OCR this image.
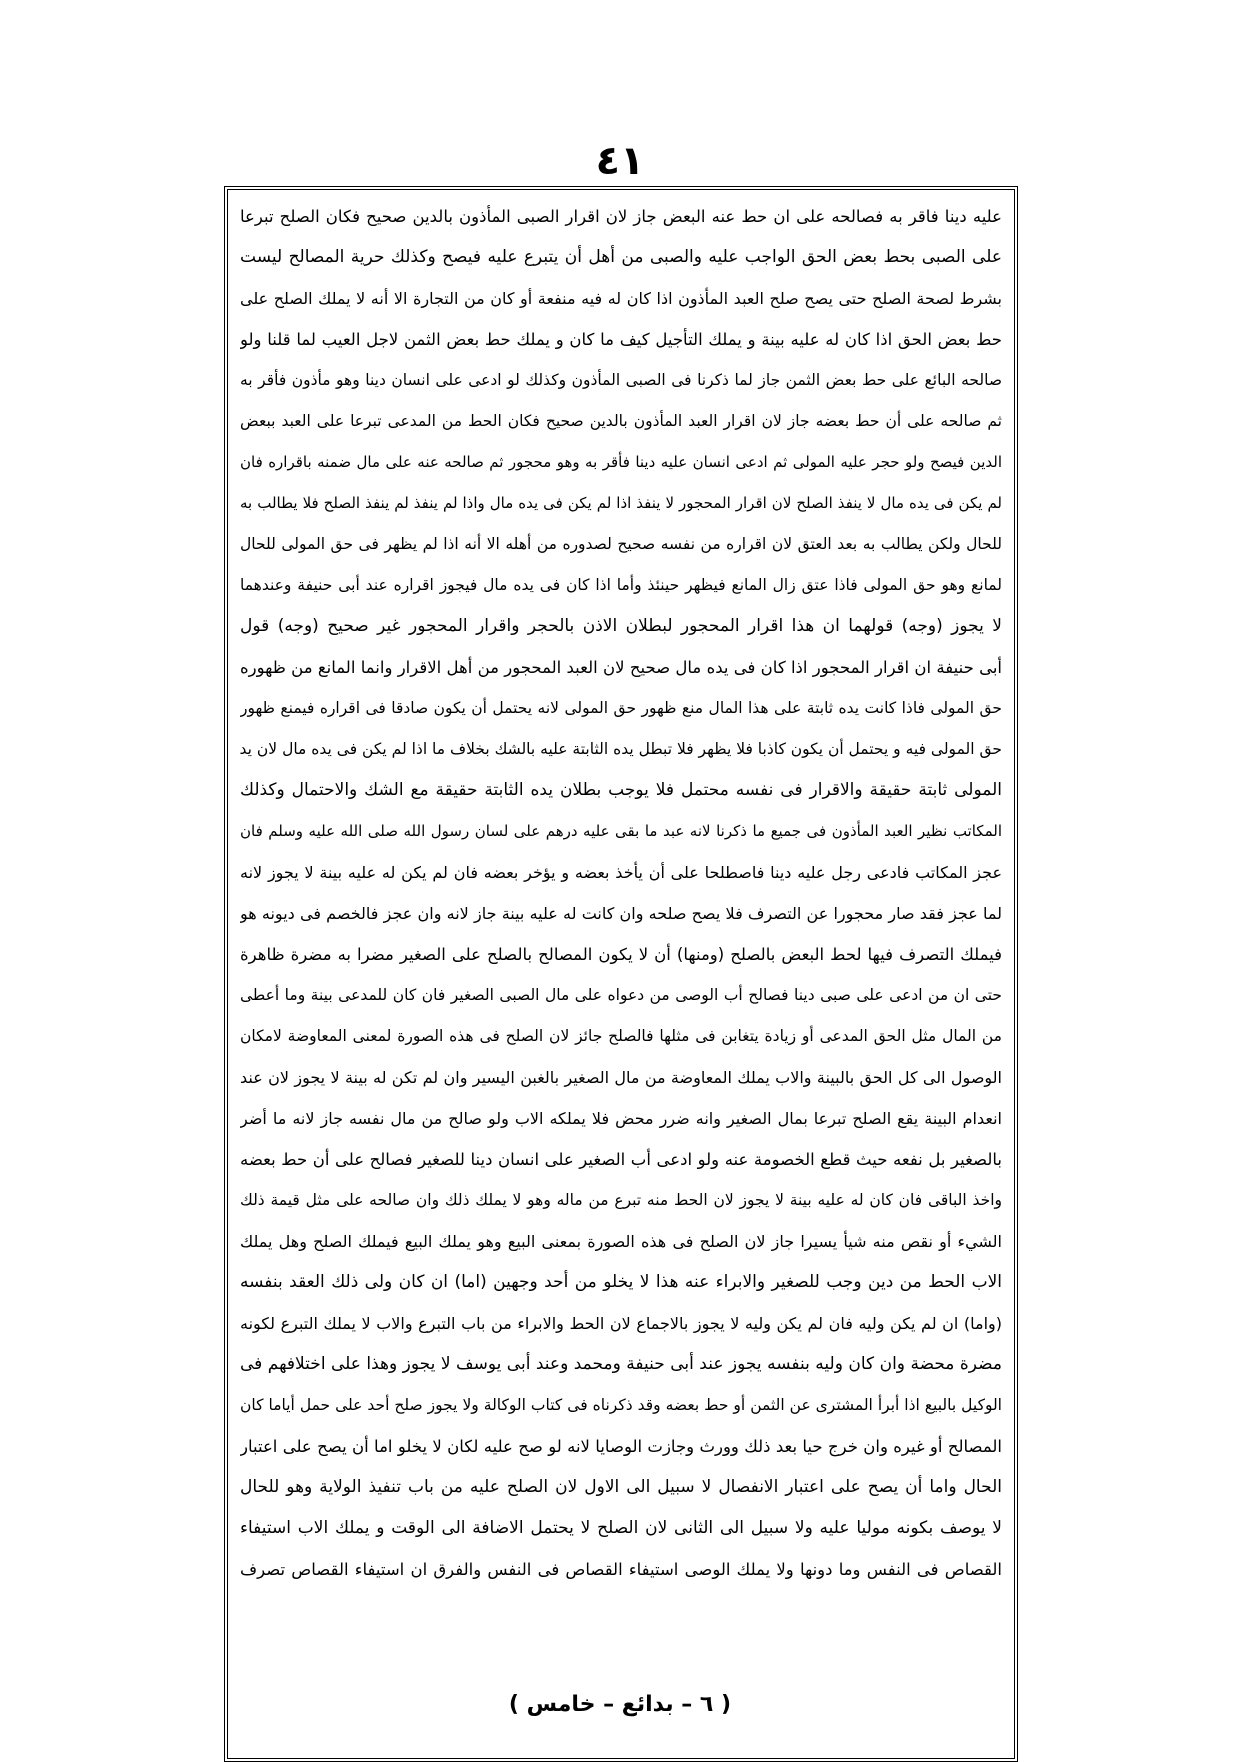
٤١
عليه دينا فاقر به فصالحه على ان حط عنه البعض جاز لان اقرار الصبى المأذون بالدين صحيح فكان الصلح تبرعا
على الصبى بحط بعض الحق الواجب عليه والصبى من أهل أن يتبرع عليه فيصح وكذلك حرية المصالح ليست
بشرط لصحة الصلح حتى يصح صلح العبد المأذون اذا كان له فيه منفعة أو كان من التجارة الا أنه لا يملك الصلح على
حط بعض الحق اذا كان له عليه بينة و يملك التأجيل كيف ما كان و يملك حط بعض الثمن لاجل العيب لما قلنا ولو
صالحه البائع على حط بعض الثمن جاز لما ذكرنا فى الصبى المأذون وكذلك لو ادعى على انسان دينا وهو مأذون فأقر به
ثم صالحه على أن حط بعضه جاز لان اقرار العبد المأذون بالدين صحيح فكان الحط من المدعى تبرعا على العبد ببعض
الدين فيصح ولو حجر عليه المولى ثم ادعى انسان عليه دينا فأقر به وهو محجور ثم صالحه عنه على مال ضمنه باقراره فان
لم يكن فى يده مال لا ينفذ الصلح لان اقرار المحجور لا ينفذ اذا لم يكن فى يده مال واذا لم ينفذ لم ينفذ الصلح فلا يطالب به
للحال ولكن يطالب به بعد العتق لان اقراره من نفسه صحيح لصدوره من أهله الا أنه اذا لم يظهر فى حق المولى للحال
لمانع وهو حق المولى فاذا عتق زال المانع فيظهر حينئذ وأما اذا كان فى يده مال فيجوز اقراره عند أبى حنيفة وعندهما
لا يجوز (وجه) قولهما ان هذا اقرار المحجور لبطلان الاذن بالحجر واقرار المحجور غير صحيح (وجه) قول
أبى حنيفة ان اقرار المحجور اذا كان فى يده مال صحيح لان العبد المحجور من أهل الاقرار وانما المانع من ظهوره
حق المولى فاذا كانت يده ثابتة على هذا المال منع ظهور حق المولى لانه يحتمل أن يكون صادقا فى اقراره فيمنع ظهور
حق المولى فيه و يحتمل أن يكون كاذبا فلا يظهر فلا تبطل يده الثابتة عليه بالشك بخلاف ما اذا لم يكن فى يده مال لان يد
المولى ثابتة حقيقة والاقرار فى نفسه محتمل فلا يوجب بطلان يده الثابتة حقيقة مع الشك والاحتمال وكذلك
المكاتب نظير العبد المأذون فى جميع ما ذكرنا لانه عبد ما بقى عليه درهم على لسان رسول الله صلى الله عليه وسلم فان
عجز المكاتب فادعى رجل عليه دينا فاصطلحا على أن يأخذ بعضه و يؤخر بعضه فان لم يكن له عليه بينة لا يجوز لانه
لما عجز فقد صار محجورا عن التصرف فلا يصح صلحه وان كانت له عليه بينة جاز لانه وان عجز فالخصم فى ديونه هو
فيملك التصرف فيها لحط البعض بالصلح (ومنها) أن لا يكون المصالح بالصلح على الصغير مضرا به مضرة ظاهرة
حتى ان من ادعى على صبى دينا فصالح أب الوصى من دعواه على مال الصبى الصغير فان كان للمدعى بينة وما أعطى
من المال مثل الحق المدعى أو زيادة يتغابن فى مثلها فالصلح جائز لان الصلح فى هذه الصورة لمعنى المعاوضة لامكان
الوصول الى كل الحق بالبينة والاب يملك المعاوضة من مال الصغير بالغبن اليسير وان لم تكن له بينة لا يجوز لان عند
انعدام البينة يقع الصلح تبرعا بمال الصغير وانه ضرر محض فلا يملكه الاب ولو صالح من مال نفسه جاز لانه ما أضر
بالصغير بل نفعه حيث قطع الخصومة عنه ولو ادعى أب الصغير على انسان دينا للصغير فصالح على أن حط بعضه
واخذ الباقى فان كان له عليه بينة لا يجوز لان الحط منه تبرع من ماله وهو لا يملك ذلك وان صالحه على مثل قيمة ذلك
الشيء أو نقص منه شيأ يسيرا جاز لان الصلح فى هذه الصورة بمعنى البيع وهو يملك البيع فيملك الصلح وهل يملك
الاب الحط من دين وجب للصغير والابراء عنه هذا لا يخلو من أحد وجهين (اما) ان كان ولى ذلك العقد بنفسه
(واما) ان لم يكن وليه فان لم يكن وليه لا يجوز بالاجماع لان الحط والابراء من باب التبرع والاب لا يملك التبرع لكونه
مضرة محضة وان كان وليه بنفسه يجوز عند أبى حنيفة ومحمد وعند أبى يوسف لا يجوز وهذا على اختلافهم فى
الوكيل بالبيع اذا أبرأ المشترى عن الثمن أو حط بعضه وقد ذكرناه فى كتاب الوكالة ولا يجوز صلح أحد على حمل أياما كان
المصالح أو غيره وان خرج حيا بعد ذلك وورث وجازت الوصايا لانه لو صح عليه لكان لا يخلو اما أن يصح على اعتبار
الحال واما أن يصح على اعتبار الانفصال لا سبيل الى الاول لان الصلح عليه من باب تنفيذ الولاية وهو للحال
لا يوصف بكونه موليا عليه ولا سبيل الى الثانى لان الصلح لا يحتمل الاضافة الى الوقت و يملك الاب استيفاء
القصاص فى النفس وما دونها ولا يملك الوصى استيفاء القصاص فى النفس والفرق ان استيفاء القصاص تصرف
( ٦ – بدائع – خامس )
